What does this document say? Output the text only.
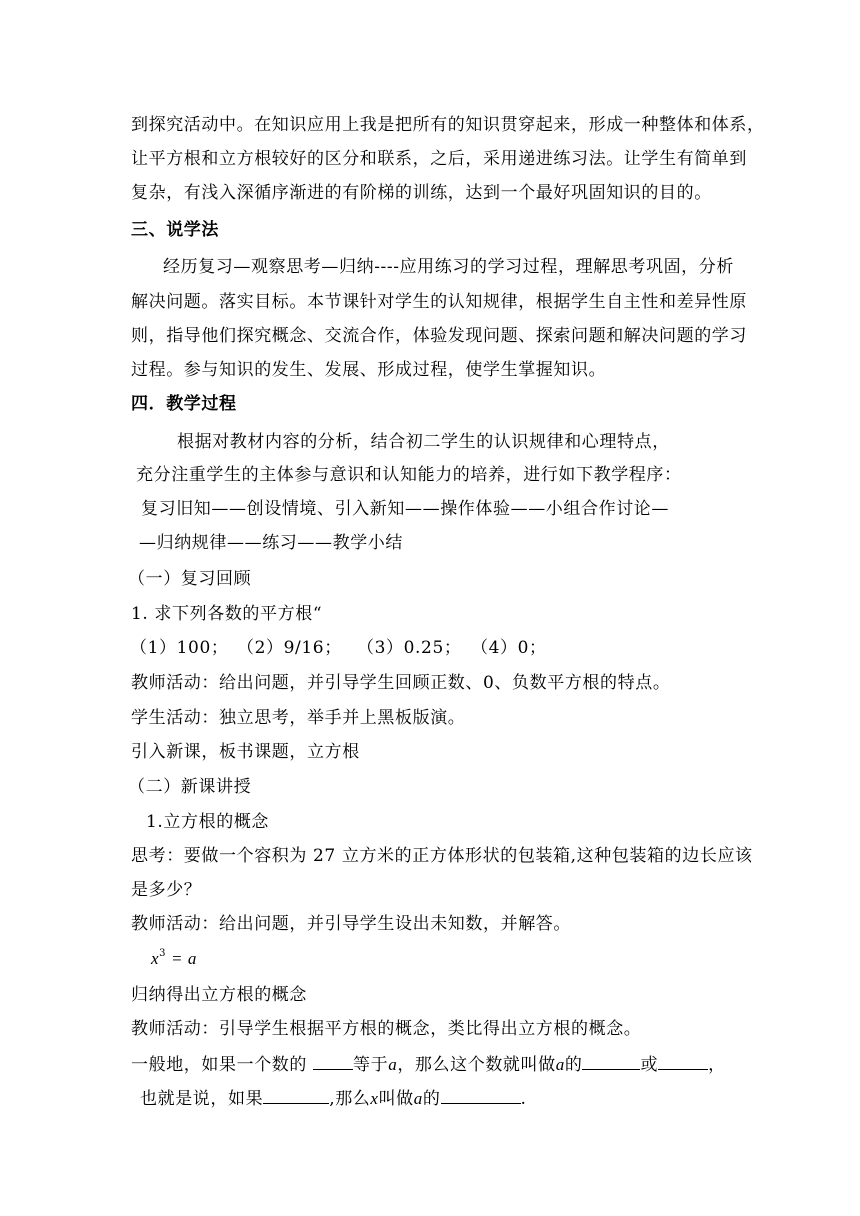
到探究活动中。在知识应用上我是把所有的知识贯穿起来，形成一种整体和体系，
让平方根和立方根较好的区分和联系，之后，采用递进练习法。让学生有简单到
复杂，有浅入深循序渐进的有阶梯的训练，达到一个最好巩固知识的目的。
三、说学法
经历复习—观察思考—归纳----应用练习的学习过程，理解思考巩固，分析
解决问题。落实目标。本节课针对学生的认知规律，根据学生自主性和差异性原
则，指导他们探究概念、交流合作，体验发现问题、探索问题和解决问题的学习
过程。参与知识的发生、发展、形成过程，使学生掌握知识。
四．教学过程
根据对教材内容的分析，结合初二学生的认识规律和心理特点，
充分注重学生的主体参与意识和认知能力的培养，进行如下教学程序：
复习旧知——创设情境、引入新知——操作体验——小组合作讨论—
—归纳规律——练习——教学小结
（一）复习回顾
1. 求下列各数的平方根“
（1）100； （2）9/16； （3）0.25； （4）0；
教师活动：给出问题，并引导学生回顾正数、0、负数平方根的特点。
学生活动：独立思考，举手并上黑板版演。
引入新课，板书课题，立方根
（二）新课讲授
1.立方根的概念
思考：要做一个容积为 27 立方米的正方体形状的包装箱,这种包装箱的边长应该
是多少？
教师活动：给出问题，并引导学生设出未知数，并解答。
$x^3 = a$
归纳得出立方根的概念
教师活动：引导学生根据平方根的概念，类比得出立方根的概念。
一般地，如果一个数的 等于a，那么这个数就叫做a的	或	，
也就是说，如果	,那么x叫做a的	.
